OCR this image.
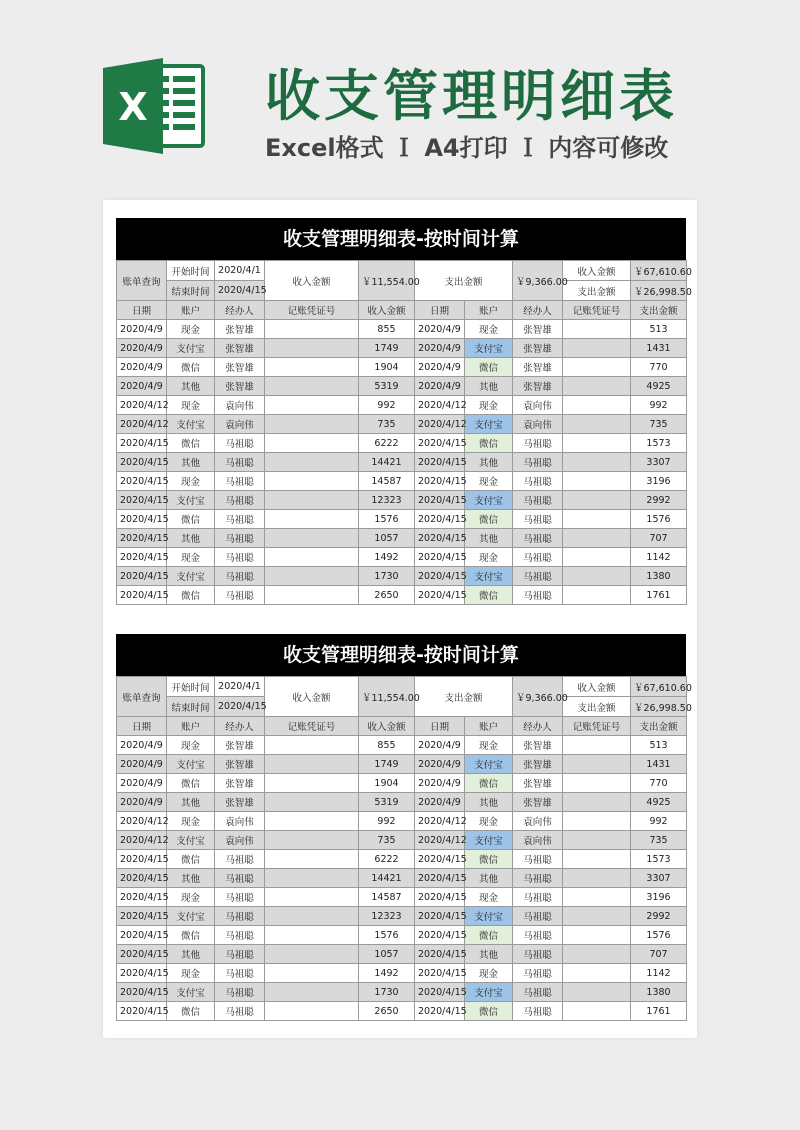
X 收支管理明细表
Excel格式 Ｉ A4打印 Ｉ 内容可修改
收支管理明细表-按时间计算
账单查询	开始时间	2020/4/1	收入金额	￥11,554.00	支出金额		￥9,366.00	收入金额	￥67,610.60
	结束时间	2020/4/15						支出金额	￥26,998.50
日期	账户	经办人	记账凭证号	收入金额	日期	账户	经办人	记账凭证号	支出金额
2020/4/9	现金	张智雄		855	2020/4/9	现金	张智雄		513
2020/4/9	支付宝	张智雄		1749	2020/4/9	支付宝	张智雄		1431
2020/4/9	微信	张智雄		1904	2020/4/9	微信	张智雄		770
2020/4/9	其他	张智雄		5319	2020/4/9	其他	张智雄		4925
2020/4/12	现金	袁向伟		992	2020/4/12	现金	袁向伟		992
2020/4/12	支付宝	袁向伟		735	2020/4/12	支付宝	袁向伟		735
2020/4/15	微信	马祖聪		6222	2020/4/15	微信	马祖聪		1573
2020/4/15	其他	马祖聪		14421	2020/4/15	其他	马祖聪		3307
2020/4/15	现金	马祖聪		14587	2020/4/15	现金	马祖聪		3196
2020/4/15	支付宝	马祖聪		12323	2020/4/15	支付宝	马祖聪		2992
2020/4/15	微信	马祖聪		1576	2020/4/15	微信	马祖聪		1576
2020/4/15	其他	马祖聪		1057	2020/4/15	其他	马祖聪		707
2020/4/15	现金	马祖聪		1492	2020/4/15	现金	马祖聪		1142
2020/4/15	支付宝	马祖聪		1730	2020/4/15	支付宝	马祖聪		1380
2020/4/15	微信	马祖聪		2650	2020/4/15	微信	马祖聪		1761
收支管理明细表-按时间计算
账单查询	开始时间	2020/4/1	收入金额	￥11,554.00	支出金额		￥9,366.00	收入金额	￥67,610.60
	结束时间	2020/4/15						支出金额	￥26,998.50
日期	账户	经办人	记账凭证号	收入金额	日期	账户	经办人	记账凭证号	支出金额
2020/4/9	现金	张智雄		855	2020/4/9	现金	张智雄		513
2020/4/9	支付宝	张智雄		1749	2020/4/9	支付宝	张智雄		1431
2020/4/9	微信	张智雄		1904	2020/4/9	微信	张智雄		770
2020/4/9	其他	张智雄		5319	2020/4/9	其他	张智雄		4925
2020/4/12	现金	袁向伟		992	2020/4/12	现金	袁向伟		992
2020/4/12	支付宝	袁向伟		735	2020/4/12	支付宝	袁向伟		735
2020/4/15	微信	马祖聪		6222	2020/4/15	微信	马祖聪		1573
2020/4/15	其他	马祖聪		14421	2020/4/15	其他	马祖聪		3307
2020/4/15	现金	马祖聪		14587	2020/4/15	现金	马祖聪		3196
2020/4/15	支付宝	马祖聪		12323	2020/4/15	支付宝	马祖聪		2992
2020/4/15	微信	马祖聪		1576	2020/4/15	微信	马祖聪		1576
2020/4/15	其他	马祖聪		1057	2020/4/15	其他	马祖聪		707
2020/4/15	现金	马祖聪		1492	2020/4/15	现金	马祖聪		1142
2020/4/15	支付宝	马祖聪		1730	2020/4/15	支付宝	马祖聪		1380
2020/4/15	微信	马祖聪		2650	2020/4/15	微信	马祖聪		1761
